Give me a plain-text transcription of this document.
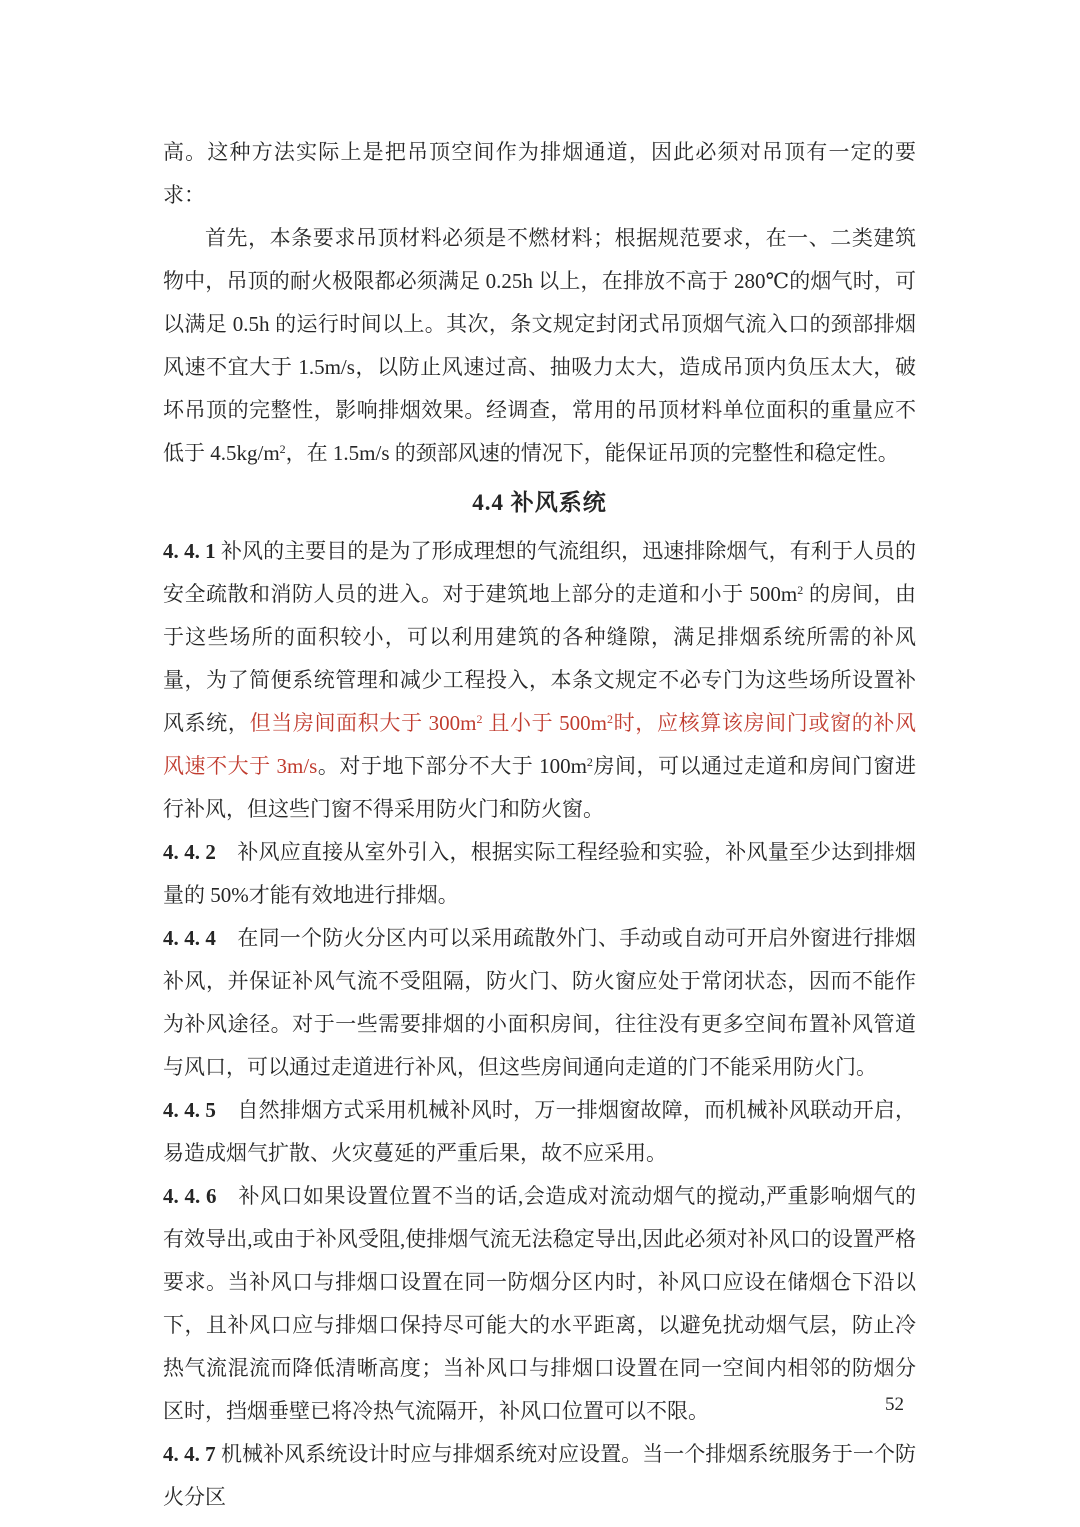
高。这种方法实际上是把吊顶空间作为排烟通道，因此必须对吊顶有一定的要求：

首先，本条要求吊顶材料必须是不燃材料；根据规范要求，在一、二类建筑物中，吊顶的耐火极限都必须满足 0.25h 以上，在排放不高于 280℃的烟气时，可以满足 0.5h 的运行时间以上。其次，条文规定封闭式吊顶烟气流入口的颈部排烟风速不宜大于 1.5m/s，以防止风速过高、抽吸力太大，造成吊顶内负压太大，破坏吊顶的完整性，影响排烟效果。经调查，常用的吊顶材料单位面积的重量应不低于 $4.5kg/m^2$，在 1.5m/s 的颈部风速的情况下，能保证吊顶的完整性和稳定性。

4.4 补风系统

4. 4. 1 补风的主要目的是为了形成理想的气流组织，迅速排除烟气，有利于人员的安全疏散和消防人员的进入。对于建筑地上部分的走道和小于 $500m^2$ 的房间，由于这些场所的面积较小，可以利用建筑的各种缝隙，满足排烟系统所需的补风量，为了简便系统管理和减少工程投入，本条文规定不必专门为这些场所设置补风系统，但当房间面积大于 $300m^2$ 且小于 $500m^2$时，应核算该房间门或窗的补风风速不大于 3m/s。对于地下部分不大于 $100m^2$房间，可以通过走道和房间门窗进行补风，但这些门窗不得采用防火门和防火窗。

4. 4. 2　补风应直接从室外引入，根据实际工程经验和实验，补风量至少达到排烟量的 50%才能有效地进行排烟。

4. 4. 4　在同一个防火分区内可以采用疏散外门、手动或自动可开启外窗进行排烟补风，并保证补风气流不受阻隔，防火门、防火窗应处于常闭状态，因而不能作为补风途径。对于一些需要排烟的小面积房间，往往没有更多空间布置补风管道与风口，可以通过走道进行补风，但这些房间通向走道的门不能采用防火门。

4. 4. 5　自然排烟方式采用机械补风时，万一排烟窗故障，而机械补风联动开启，易造成烟气扩散、火灾蔓延的严重后果，故不应采用。

4. 4. 6　补风口如果设置位置不当的话,会造成对流动烟气的搅动,严重影响烟气的有效导出,或由于补风受阻,使排烟气流无法稳定导出,因此必须对补风口的设置严格要求。当补风口与排烟口设置在同一防烟分区内时，补风口应设在储烟仓下沿以下，且补风口应与排烟口保持尽可能大的水平距离，以避免扰动烟气层，防止冷热气流混流而降低清晰高度；当补风口与排烟口设置在同一空间内相邻的防烟分区时，挡烟垂壁已将冷热气流隔开，补风口位置可以不限。

4. 4. 7 机械补风系统设计时应与排烟系统对应设置。当一个排烟系统服务于一个防火分区

52
